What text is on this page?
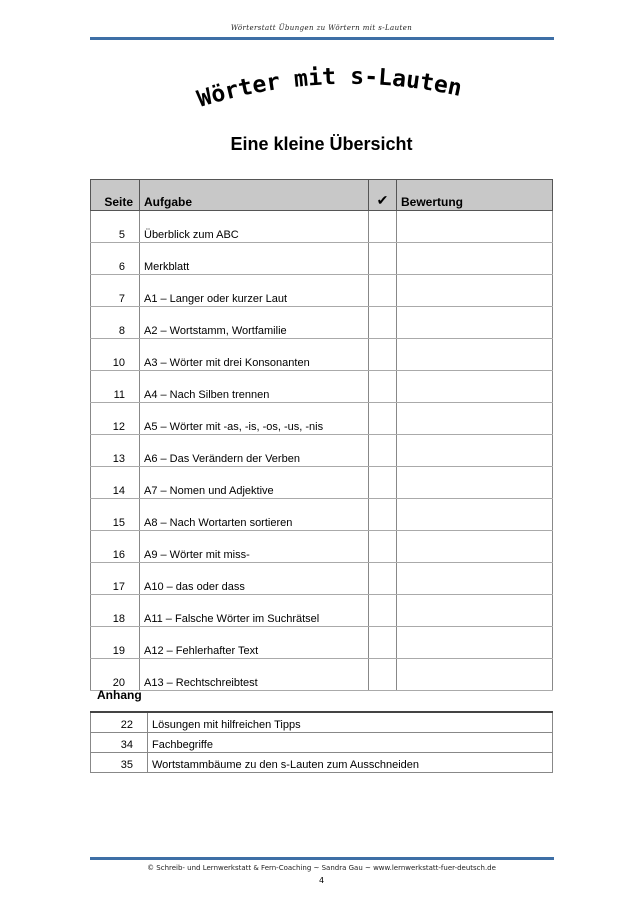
Wörterstatt Übungen zu Wörtern mit s-Lauten
Wörter mit s-Lauten
Eine kleine Übersicht
Seite	Aufgabe	✔	Bewertung
5	Überblick zum ABC		
6	Merkblatt		
7	A1 – Langer oder kurzer Laut		
8	A2 – Wortstamm, Wortfamilie		
10	A3 – Wörter mit drei Konsonanten		
11	A4 – Nach Silben trennen		
12	A5 – Wörter mit -as, -is, -os, -us, -nis		
13	A6 – Das Verändern der Verben		
14	A7 – Nomen und Adjektive		
15	A8 – Nach Wortarten sortieren		
16	A9 – Wörter mit miss-		
17	A10 – das oder dass		
18	A11 – Falsche Wörter im Suchrätsel		
19	A12 – Fehlerhafter Text		
20	A13 – Rechtschreibtest		
Anhang
22	Lösungen mit hilfreichen Tipps
34	Fachbegriffe
35	Wortstammbäume zu den s-Lauten zum Ausschneiden
© Schreib- und Lernwerkstatt & Fern-Coaching ~ Sandra Gau ~ www.lernwerkstatt-fuer-deutsch.de
4
